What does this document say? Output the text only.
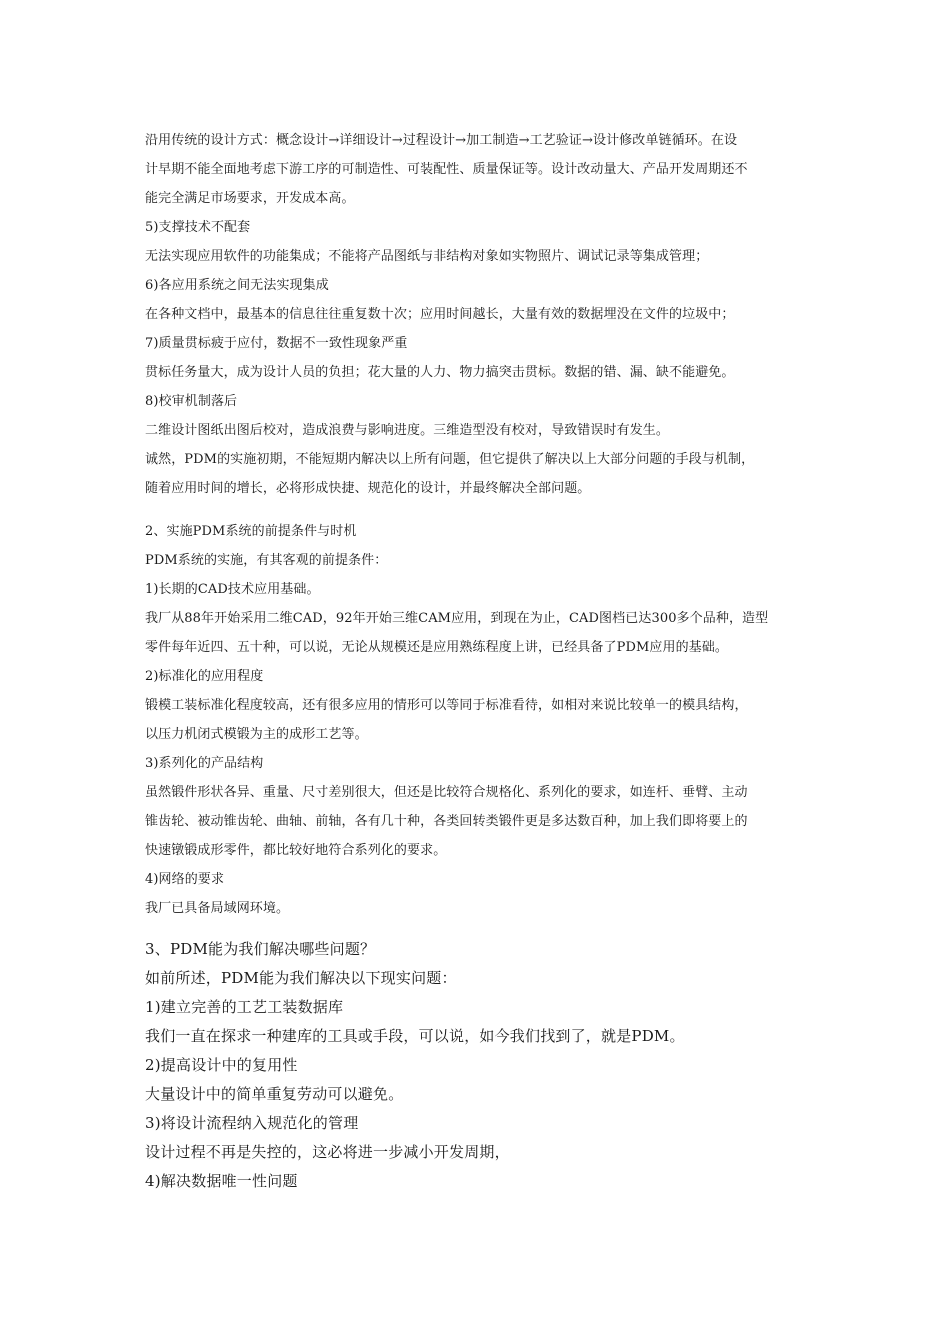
沿用传统的设计方式：概念设计→详细设计→过程设计→加工制造→工艺验证→设计修改单链循环。在设

计早期不能全面地考虑下游工序的可制造性、可装配性、质量保证等。设计改动量大、产品开发周期还不

能完全满足市场要求，开发成本高。

5)支撑技术不配套

无法实现应用软件的功能集成；不能将产品图纸与非结构对象如实物照片、调试记录等集成管理；

6)各应用系统之间无法实现集成

在各种文档中，最基本的信息往往重复数十次；应用时间越长，大量有效的数据埋没在文件的垃圾中；

7)质量贯标疲于应付，数据不一致性现象严重

贯标任务量大，成为设计人员的负担；花大量的人力、物力搞突击贯标。数据的错、漏、缺不能避免。

8)校审机制落后

二维设计图纸出图后校对，造成浪费与影响进度。三维造型没有校对，导致错误时有发生。

诚然，PDM的实施初期，不能短期内解决以上所有问题，但它提供了解决以上大部分问题的手段与机制，

随着应用时间的增长，必将形成快捷、规范化的设计，并最终解决全部问题。

2、实施PDM系统的前提条件与时机

PDM系统的实施，有其客观的前提条件：

1)长期的CAD技术应用基础。

我厂从88年开始采用二维CAD，92年开始三维CAM应用，到现在为止，CAD图档已达300多个品种，造型

零件每年近四、五十种，可以说，无论从规模还是应用熟练程度上讲，已经具备了PDM应用的基础。

2)标准化的应用程度

锻模工装标准化程度较高，还有很多应用的情形可以等同于标准看待，如相对来说比较单一的模具结构，

以压力机闭式模锻为主的成形工艺等。

3)系列化的产品结构

虽然锻件形状各异、重量、尺寸差别很大，但还是比较符合规格化、系列化的要求，如连杆、垂臂、主动

锥齿轮、被动锥齿轮、曲轴、前轴，各有几十种，各类回转类锻件更是多达数百种，加上我们即将要上的

快速镦锻成形零件，都比较好地符合系列化的要求。

4)网络的要求

我厂已具备局域网环境。

3、PDM能为我们解决哪些问题？

如前所述，PDM能为我们解决以下现实问题：

1)建立完善的工艺工装数据库

我们一直在探求一种建库的工具或手段，可以说，如今我们找到了，就是PDM。

2)提高设计中的复用性

大量设计中的简单重复劳动可以避免。

3)将设计流程纳入规范化的管理

设计过程不再是失控的，这必将进一步减小开发周期，

4)解决数据唯一性问题
